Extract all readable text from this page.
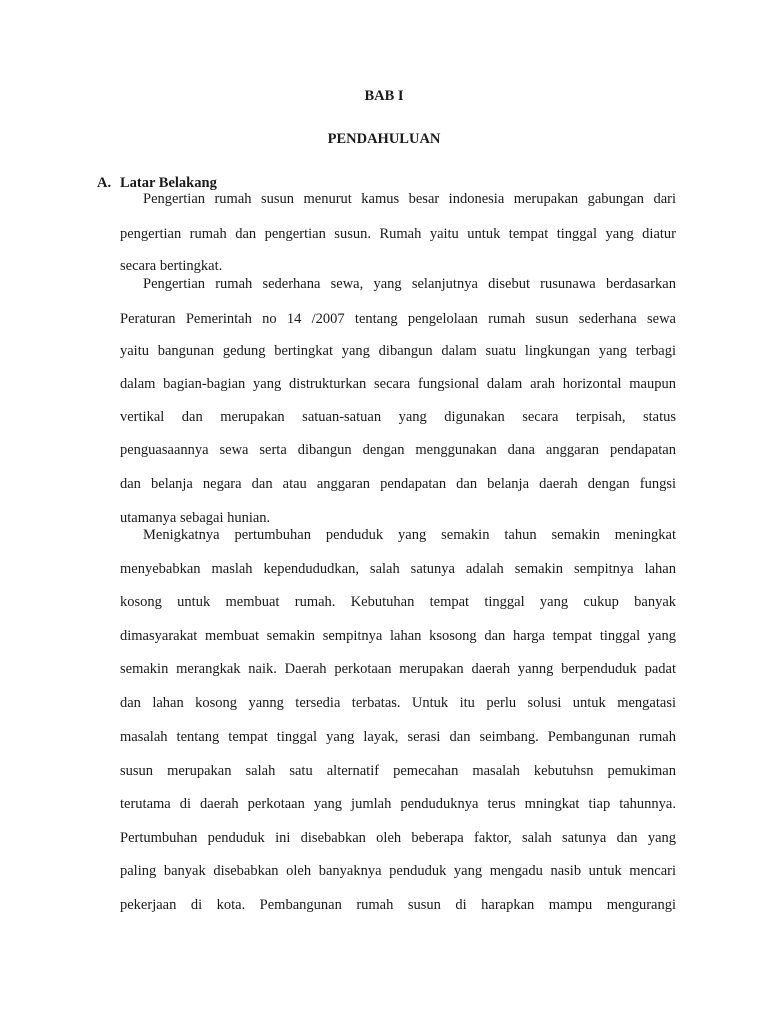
BAB I
PENDAHULUAN
A. Latar Belakang
Pengertian rumah susun menurut kamus besar indonesia merupakan gabungan dari
pengertian rumah dan pengertian susun. Rumah yaitu untuk tempat tinggal yang diatur
secara bertingkat.
Pengertian rumah sederhana sewa, yang selanjutnya disebut rusunawa berdasarkan
Peraturan Pemerintah no 14 /2007 tentang pengelolaan rumah susun sederhana sewa
yaitu bangunan gedung bertingkat yang dibangun dalam suatu lingkungan yang terbagi
dalam bagian-bagian yang distrukturkan secara fungsional dalam arah horizontal maupun
vertikal dan merupakan satuan-satuan yang digunakan secara terpisah, status
penguasaannya sewa serta dibangun dengan menggunakan dana anggaran pendapatan
dan belanja negara dan atau anggaran pendapatan dan belanja daerah dengan fungsi
utamanya sebagai hunian.
Menigkatnya pertumbuhan penduduk yang semakin tahun semakin meningkat
menyebabkan maslah kependududkan, salah satunya adalah semakin sempitnya lahan
kosong untuk membuat rumah. Kebutuhan tempat tinggal yang cukup banyak
dimasyarakat membuat semakin sempitnya lahan ksosong dan harga tempat tinggal yang
semakin merangkak naik. Daerah perkotaan merupakan daerah yanng berpenduduk padat
dan lahan kosong yanng tersedia terbatas. Untuk itu perlu solusi untuk mengatasi
masalah tentang tempat tinggal yang layak, serasi dan seimbang. Pembangunan rumah
susun merupakan salah satu alternatif pemecahan masalah kebutuhsn pemukiman
terutama di daerah perkotaan yang jumlah penduduknya terus mningkat tiap tahunnya.
Pertumbuhan penduduk ini disebabkan oleh beberapa faktor, salah satunya dan yang
paling banyak disebabkan oleh banyaknya penduduk yang mengadu nasib untuk mencari
pekerjaan di kota. Pembangunan rumah susun di harapkan mampu mengurangi
